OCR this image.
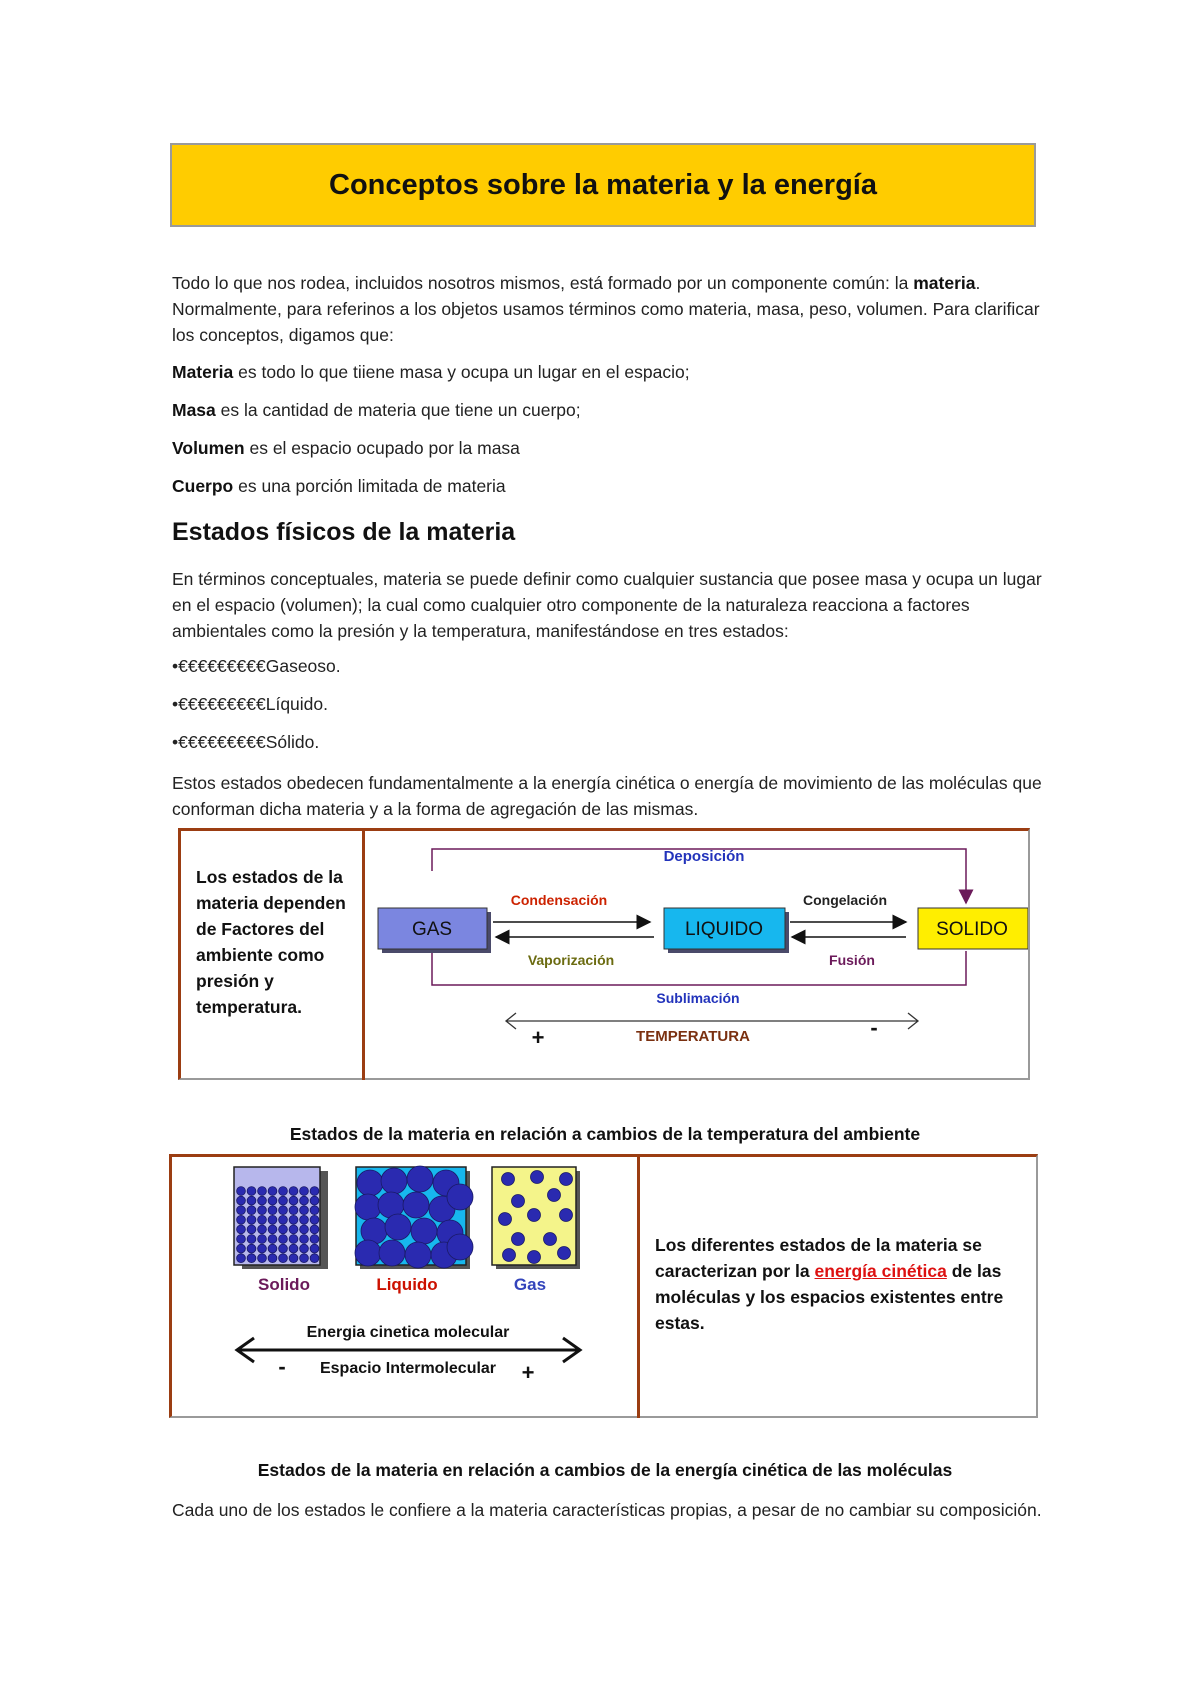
Conceptos sobre la materia y la energía
Todo lo que nos rodea, incluidos nosotros mismos, está formado por un componente común: la materia. Normalmente, para referinos a los objetos usamos términos como materia, masa, peso, volumen. Para clarificar los conceptos, digamos que:
Materia es todo lo que tiiene masa y ocupa un lugar en el espacio;
Masa es la cantidad de materia que tiene un cuerpo;
Volumen es el espacio ocupado por la masa
Cuerpo es una porción limitada de materia
Estados físicos de la materia
En términos conceptuales, materia se puede definir como cualquier sustancia que posee masa y ocupa un lugar en el espacio (volumen); la cual como cualquier otro componente de la naturaleza reacciona a factores ambientales como la presión y la temperatura, manifestándose en tres estados:
•€€€€€€€€€Gaseoso.
•€€€€€€€€€Líquido.
•€€€€€€€€€Sólido.
Estos estados obedecen fundamentalmente a la energía cinética o energía de movimiento de las moléculas que conforman dicha materia y a la forma de agregación de las mismas.
Los estados de la materia dependen de Factores del ambiente como presión y temperatura.
GAS	LIQUIDO	SOLIDO
Deposición
Condensación	Congelación
Vaporización	Fusión
Sublimación
+	-
TEMPERATURA
Estados de la materia en relación a cambios de la temperatura del ambiente
Solido	Liquido	Gas
Energia cinetica molecular
Espacio Intermolecular
-	+
Los diferentes estados de la materia se caracterizan por la energía cinética de las moléculas y los espacios existentes entre estas.
Estados de la materia en relación a cambios de la energía cinética de las moléculas
Cada uno de los estados le confiere a la materia características propias, a pesar de no cambiar su composición.
